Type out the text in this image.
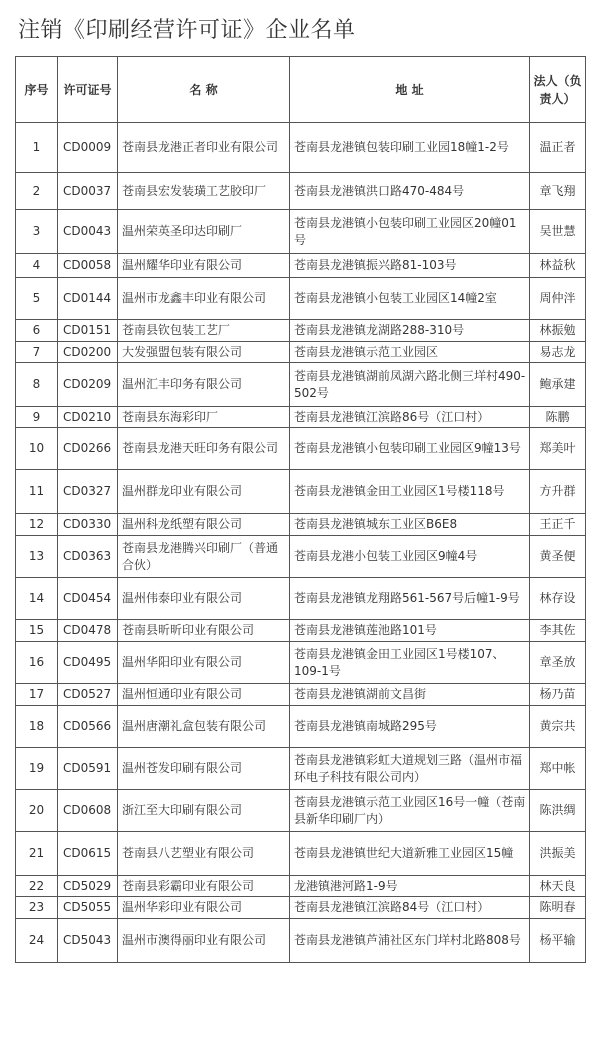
注销《印刷经营许可证》企业名单
序号	许可证号	名 称	地 址	法人（负责人）
1	CD0009	苍南县龙港正者印业有限公司	苍南县龙港镇包装印刷工业园18幢1-2号	温正者
2	CD0037	苍南县宏发装璜工艺胶印厂	苍南县龙港镇洪口路470-484号	章飞翔
3	CD0043	温州荣英圣印达印刷厂	苍南县龙港镇小包装印刷工业园区20幢01号	吴世慧
4	CD0058	温州耀华印业有限公司	苍南县龙港镇振兴路81-103号	林益秋
5	CD0144	温州市龙鑫丰印业有限公司	苍南县龙港镇小包装工业园区14幢2室	周仲泮
6	CD0151	苍南县钦包装工艺厂	苍南县龙港镇龙湖路288-310号	林振勉
7	CD0200	大发强盟包装有限公司	苍南县龙港镇示范工业园区	易志龙
8	CD0209	温州汇丰印务有限公司	苍南县龙港镇湖前凤湖六路北侧三垟村490-502号	鲍承建
9	CD0210	苍南县东海彩印厂	苍南县龙港镇江滨路86号（江口村）	陈鹏
10	CD0266	苍南县龙港天旺印务有限公司	苍南县龙港镇小包装印刷工业园区9幢13号	郑美叶
11	CD0327	温州群龙印业有限公司	苍南县龙港镇金田工业园区1号楼118号	方升群
12	CD0330	温州科龙纸塑有限公司	苍南县龙港镇城东工业区B6E8	王正千
13	CD0363	苍南县龙港腾兴印刷厂（普通合伙）	苍南县龙港小包装工业园区9幢4号	黄圣便
14	CD0454	温州伟泰印业有限公司	苍南县龙港镇龙翔路561-567号后幢1-9号	林存设
15	CD0478	苍南县昕昕印业有限公司	苍南县龙港镇莲池路101号	李其佐
16	CD0495	温州华阳印业有限公司	苍南县龙港镇金田工业园区1号楼107、109-1号	章圣放
17	CD0527	温州恒通印业有限公司	苍南县龙港镇湖前文昌街	杨乃苗
18	CD0566	温州唐潮礼盒包装有限公司	苍南县龙港镇南城路295号	黄宗共
19	CD0591	温州苍发印刷有限公司	苍南县龙港镇彩虹大道规划三路（温州市福环电子科技有限公司内）	郑中帐
20	CD0608	浙江至大印刷有限公司	苍南县龙港镇示范工业园区16号一幢（苍南县新华印刷厂内）	陈洪绸
21	CD0615	苍南县八艺塑业有限公司	苍南县龙港镇世纪大道新雅工业园区15幢	洪振美
22	CD5029	苍南县彩霸印业有限公司	龙港镇港河路1-9号	林天良
23	CD5055	温州华彩印业有限公司	苍南县龙港镇江滨路84号（江口村）	陈明春
24	CD5043	温州市澳得丽印业有限公司	苍南县龙港镇芦浦社区东门垟村北路808号	杨平输
